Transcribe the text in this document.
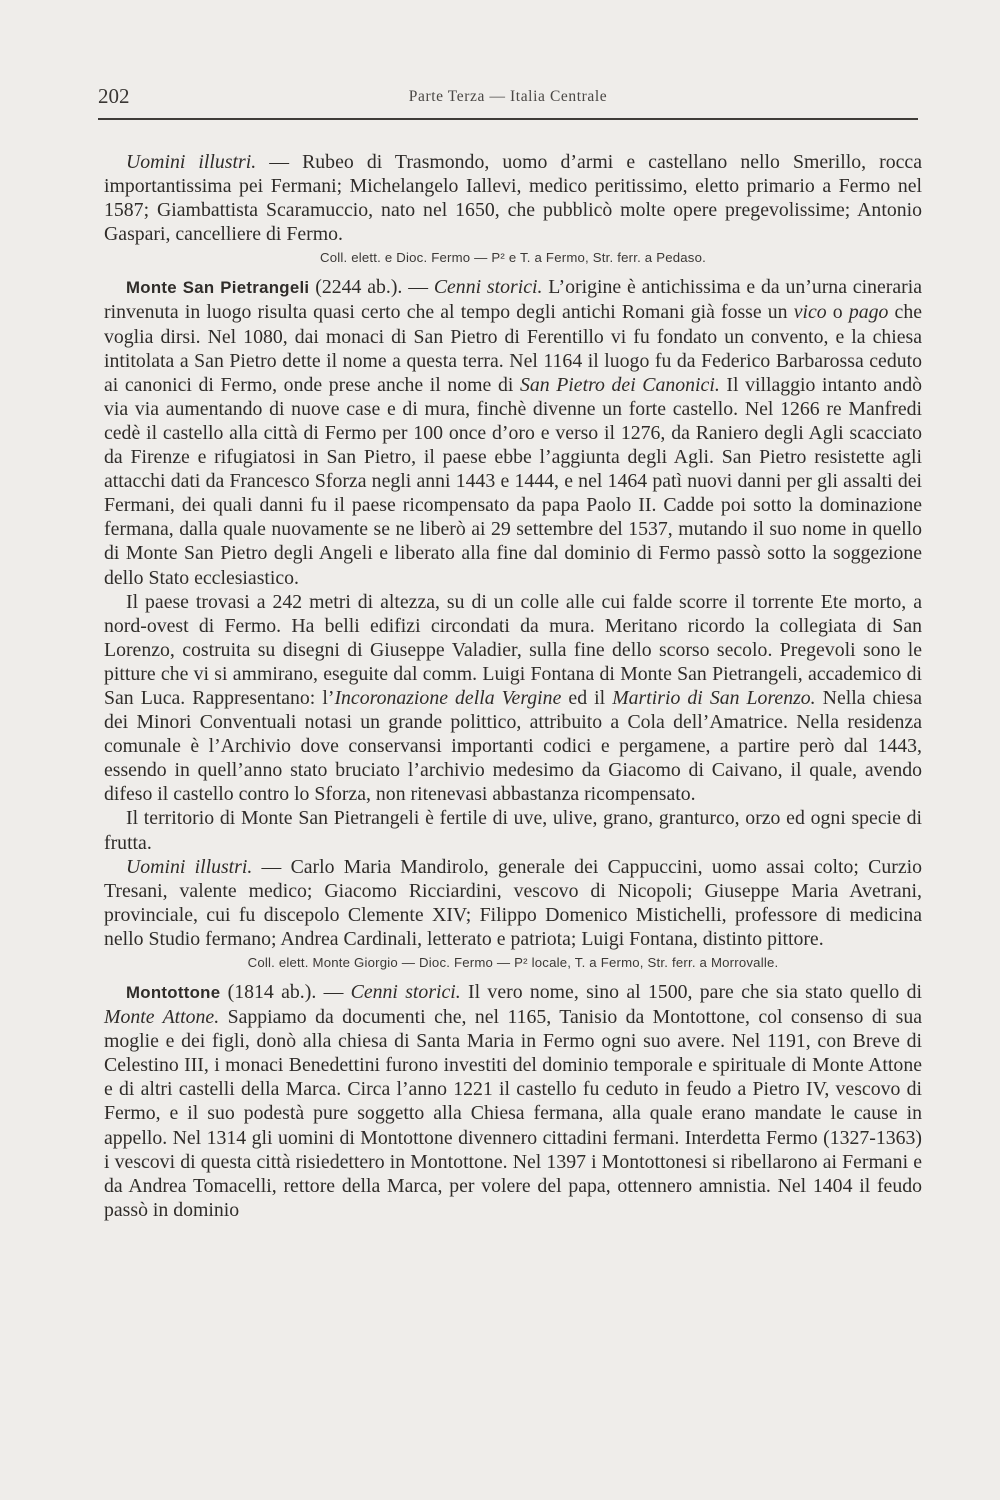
202	Parte Terza — Italia Centrale

Uomini illustri. — Rubeo di Trasmondo, uomo d’armi e castellano nello Smerillo, rocca importantissima pei Fermani; Michelangelo Iallevi, medico peritissimo, eletto primario a Fermo nel 1587; Giambattista Scaramuccio, nato nel 1650, che pubblicò molte opere pregevolissime; Antonio Gaspari, cancelliere di Fermo.

Coll. elett. e Dioc. Fermo — P² e T. a Fermo, Str. ferr. a Pedaso.

Monte San Pietrangeli (2244 ab.). — Cenni storici. L’origine è antichissima e da un’urna cineraria rinvenuta in luogo risulta quasi certo che al tempo degli antichi Romani già fosse un vico o pago che voglia dirsi. Nel 1080, dai monaci di San Pietro di Ferentillo vi fu fondato un convento, e la chiesa intitolata a San Pietro dette il nome a questa terra. Nel 1164 il luogo fu da Federico Barbarossa ceduto ai canonici di Fermo, onde prese anche il nome di San Pietro dei Canonici. Il villaggio intanto andò via via aumentando di nuove case e di mura, finchè divenne un forte castello. Nel 1266 re Manfredi cedè il castello alla città di Fermo per 100 once d’oro e verso il 1276, da Raniero degli Agli scacciato da Firenze e rifugiatosi in San Pietro, il paese ebbe l’aggiunta degli Agli. San Pietro resistette agli attacchi dati da Francesco Sforza negli anni 1443 e 1444, e nel 1464 patì nuovi danni per gli assalti dei Fermani, dei quali danni fu il paese ricompensato da papa Paolo II. Cadde poi sotto la dominazione fermana, dalla quale nuovamente se ne liberò ai 29 settembre del 1537, mutando il suo nome in quello di Monte San Pietro degli Angeli e liberato alla fine dal dominio di Fermo passò sotto la soggezione dello Stato ecclesiastico.

Il paese trovasi a 242 metri di altezza, su di un colle alle cui falde scorre il torrente Ete morto, a nord-ovest di Fermo. Ha belli edifizi circondati da mura. Meritano ricordo la collegiata di San Lorenzo, costruita su disegni di Giuseppe Valadier, sulla fine dello scorso secolo. Pregevoli sono le pitture che vi si ammirano, eseguite dal comm. Luigi Fontana di Monte San Pietrangeli, accademico di San Luca. Rappresentano: l’Incoronazione della Vergine ed il Martirio di San Lorenzo. Nella chiesa dei Minori Conventuali notasi un grande polittico, attribuito a Cola dell’Amatrice. Nella residenza comunale è l’Archivio dove conservansi importanti codici e pergamene, a partire però dal 1443, essendo in quell’anno stato bruciato l’archivio medesimo da Giacomo di Caivano, il quale, avendo difeso il castello contro lo Sforza, non ritenevasi abbastanza ricompensato.

Il territorio di Monte San Pietrangeli è fertile di uve, ulive, grano, granturco, orzo ed ogni specie di frutta.

Uomini illustri. — Carlo Maria Mandirolo, generale dei Cappuccini, uomo assai colto; Curzio Tresani, valente medico; Giacomo Ricciardini, vescovo di Nicopoli; Giuseppe Maria Avetrani, provinciale, cui fu discepolo Clemente XIV; Filippo Domenico Mistichelli, professore di medicina nello Studio fermano; Andrea Cardinali, letterato e patriota; Luigi Fontana, distinto pittore.

Coll. elett. Monte Giorgio — Dioc. Fermo — P² locale, T. a Fermo, Str. ferr. a Morrovalle.

Montottone (1814 ab.). — Cenni storici. Il vero nome, sino al 1500, pare che sia stato quello di Monte Attone. Sappiamo da documenti che, nel 1165, Tanisio da Montottone, col consenso di sua moglie e dei figli, donò alla chiesa di Santa Maria in Fermo ogni suo avere. Nel 1191, con Breve di Celestino III, i monaci Benedettini furono investiti del dominio temporale e spirituale di Monte Attone e di altri castelli della Marca. Circa l’anno 1221 il castello fu ceduto in feudo a Pietro IV, vescovo di Fermo, e il suo podestà pure soggetto alla Chiesa fermana, alla quale erano mandate le cause in appello. Nel 1314 gli uomini di Montottone divennero cittadini fermani. Interdetta Fermo (1327-1363) i vescovi di questa città risiedettero in Montottone. Nel 1397 i Montottonesi si ribellarono ai Fermani e da Andrea Tomacelli, rettore della Marca, per volere del papa, ottennero amnistia. Nel 1404 il feudo passò in dominio
